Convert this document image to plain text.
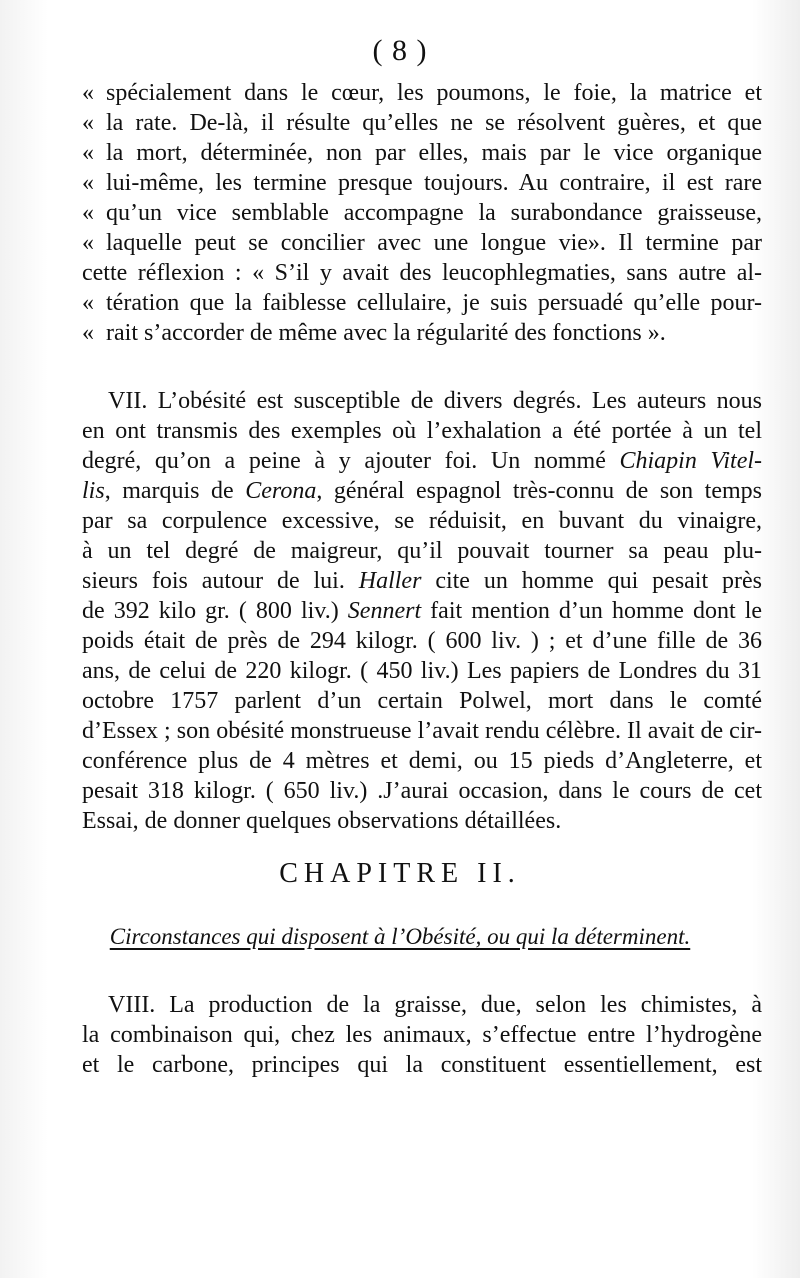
( 8 )
« spécialement dans le cœur, les poumons, le foie, la matrice et
« la rate. De-là, il résulte qu’elles ne se résolvent guères, et que
« la mort, déterminée, non par elles, mais par le vice organique
« lui-même, les termine presque toujours. Au contraire, il est rare
« qu’un vice semblable accompagne la surabondance graisseuse,
« laquelle peut se concilier avec une longue vie». Il termine par
cette réflexion : « S’il y avait des leucophlegmaties, sans autre al-
« tération que la faiblesse cellulaire, je suis persuadé qu’elle pour-
« rait s’accorder de même avec la régularité des fonctions ».
VII. L’obésité est susceptible de divers degrés. Les auteurs nous
en ont transmis des exemples où l’exhalation a été portée à un tel
degré, qu’on a peine à y ajouter foi. Un nommé Chiapin Vitel-
lis, marquis de Cerona, général espagnol très-connu de son temps
par sa corpulence excessive, se réduisit, en buvant du vinaigre,
à un tel degré de maigreur, qu’il pouvait tourner sa peau plu-
sieurs fois autour de lui. Haller cite un homme qui pesait près
de 392 kilo gr. ( 800 liv.) Sennert fait mention d’un homme dont le
poids était de près de 294 kilogr. ( 600 liv. ) ; et d’une fille de 36
ans, de celui de 220 kilogr. ( 450 liv.) Les papiers de Londres du 31
octobre 1757 parlent d’un certain Polwel, mort dans le comté
d’Essex ; son obésité monstrueuse l’avait rendu célèbre. Il avait de cir-
conférence plus de 4 mètres et demi, ou 15 pieds d’Angleterre, et
pesait 318 kilogr. ( 650 liv.) .J’aurai occasion, dans le cours de cet
Essai, de donner quelques observations détaillées.
CHAPITRE II.
Circonstances qui disposent à l’Obésité, ou qui la déterminent.
VIII. La production de la graisse, due, selon les chimistes, à
la combinaison qui, chez les animaux, s’effectue entre l’hydrogène
et le carbone, principes qui la constituent essentiellement, est
